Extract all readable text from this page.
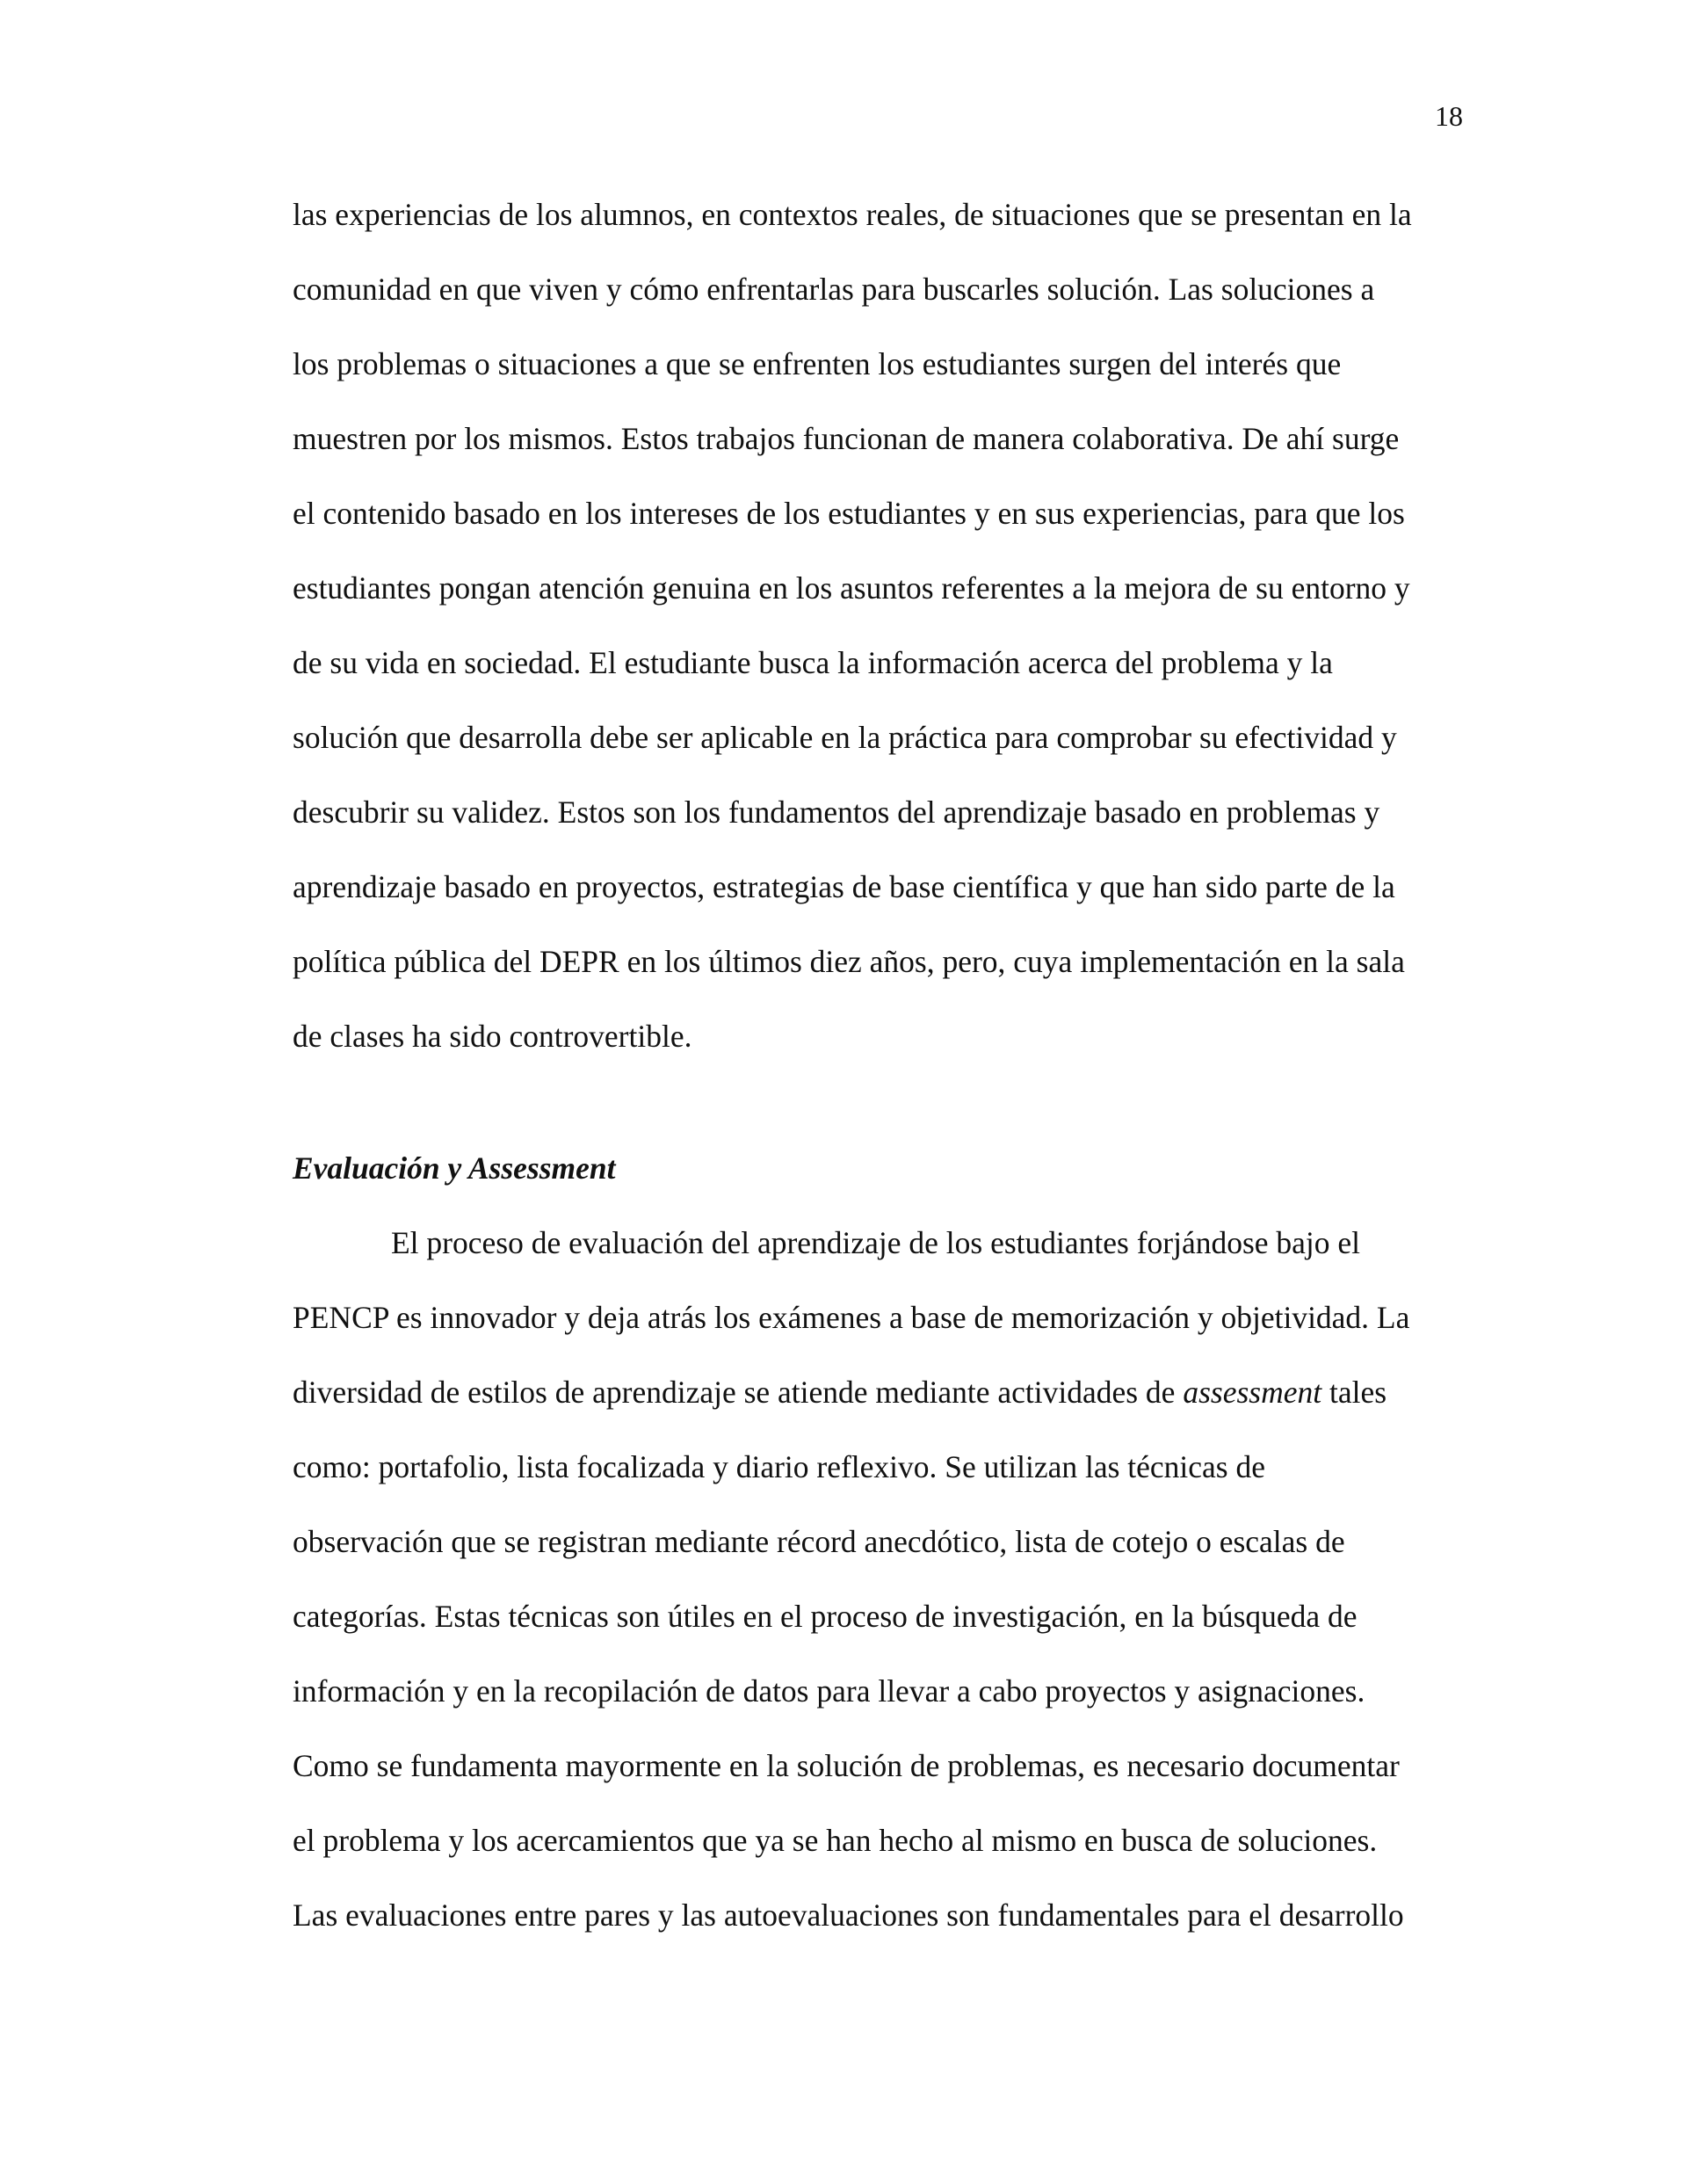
18
las experiencias de los alumnos, en contextos reales, de situaciones que se presentan en la
comunidad en que viven y cómo enfrentarlas para buscarles solución. Las soluciones a
los problemas o situaciones a que se enfrenten los estudiantes surgen del interés que
muestren por los mismos. Estos trabajos funcionan de manera colaborativa. De ahí surge
el contenido basado en los intereses de los estudiantes y en sus experiencias, para que los
estudiantes pongan atención genuina en los asuntos referentes a la mejora de su entorno y
de su vida en sociedad. El estudiante busca la información acerca del problema y la
solución que desarrolla debe ser aplicable en la práctica para comprobar su efectividad y
descubrir su validez. Estos son los fundamentos del aprendizaje basado en problemas y
aprendizaje basado en proyectos, estrategias de base científica y que han sido parte de la
política pública del DEPR en los últimos diez años, pero, cuya implementación en la sala
de clases ha sido controvertible.
Evaluación y Assessment
El proceso de evaluación del aprendizaje de los estudiantes forjándose bajo el
PENCP es innovador y deja atrás los exámenes a base de memorización y objetividad. La
diversidad de estilos de aprendizaje se atiende mediante actividades de assessment tales
como: portafolio, lista focalizada y diario reflexivo. Se utilizan las técnicas de
observación que se registran mediante récord anecdótico, lista de cotejo o escalas de
categorías. Estas técnicas son útiles en el proceso de investigación, en la búsqueda de
información y en la recopilación de datos para llevar a cabo proyectos y asignaciones.
Como se fundamenta mayormente en la solución de problemas, es necesario documentar
el problema y los acercamientos que ya se han hecho al mismo en busca de soluciones.
Las evaluaciones entre pares y las autoevaluaciones son fundamentales para el desarrollo
